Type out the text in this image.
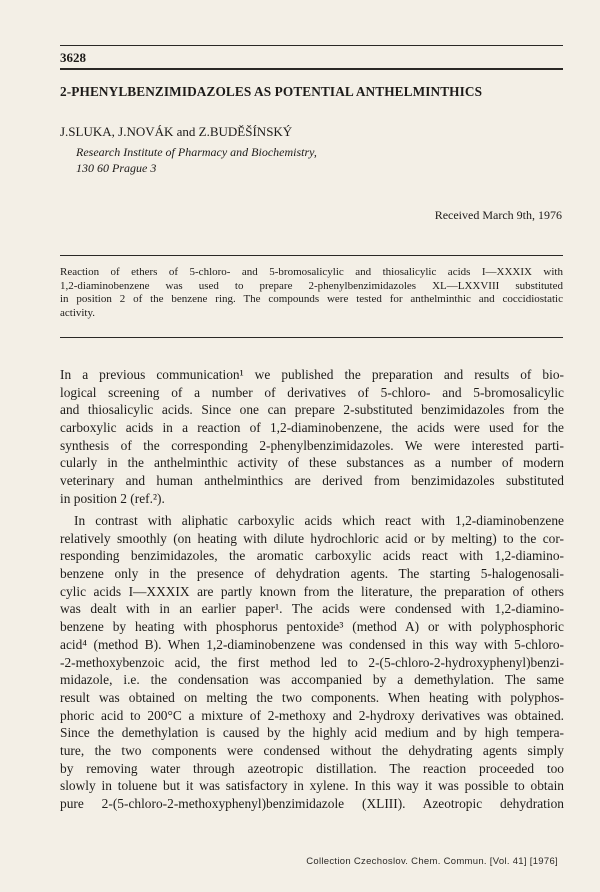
3628
2-PHENYLBENZIMIDAZOLES AS POTENTIAL ANTHELMINTHICS
J.SLUKA, J.NOVÁK and Z.BUDĚŠÍNSKÝ
Research Institute of Pharmacy and Biochemistry,
130 60 Prague 3
Received March 9th, 1976
Reaction of ethers of 5-chloro- and 5-bromosalicylic and thiosalicylic acids I—XXXIX with
1,2-diaminobenzene was used to prepare 2-phenylbenzimidazoles XL—LXXVIII substituted
in position 2 of the benzene ring. The compounds were tested for anthelminthic and coccidiostatic
activity.
In a previous communication¹ we published the preparation and results of bio-
logical screening of a number of derivatives of 5-chloro- and 5-bromosalicylic
and thiosalicylic acids. Since one can prepare 2-substituted benzimidazoles from the
carboxylic acids in a reaction of 1,2-diaminobenzene, the acids were used for the
synthesis of the corresponding 2-phenylbenzimidazoles. We were interested parti-
cularly in the anthelminthic activity of these substances as a number of modern
veterinary and human anthelminthics are derived from benzimidazoles substituted
in position 2 (ref.²).
In contrast with aliphatic carboxylic acids which react with 1,2-diaminobenzene
relatively smoothly (on heating with dilute hydrochloric acid or by melting) to the cor-
responding benzimidazoles, the aromatic carboxylic acids react with 1,2-diamino-
benzene only in the presence of dehydration agents. The starting 5-halogenosali-
cylic acids I—XXXIX are partly known from the literature, the preparation of others
was dealt with in an earlier paper¹. The acids were condensed with 1,2-diamino-
benzene by heating with phosphorus pentoxide³ (method A) or with polyphosphoric
acid⁴ (method B). When 1,2-diaminobenzene was condensed in this way with 5-chloro-
-2-methoxybenzoic acid, the first method led to 2-(5-chloro-2-hydroxyphenyl)benzi-
midazole, i.e. the condensation was accompanied by a demethylation. The same
result was obtained on melting the two components. When heating with polyphos-
phoric acid to 200°C a mixture of 2-methoxy and 2-hydroxy derivatives was obtained.
Since the demethylation is caused by the highly acid medium and by high tempera-
ture, the two components were condensed without the dehydrating agents simply
by removing water through azeotropic distillation. The reaction proceeded too
slowly in toluene but it was satisfactory in xylene. In this way it was possible to obtain
pure 2-(5-chloro-2-methoxyphenyl)benzimidazole (XLIII). Azeotropic dehydration
Collection Czechoslov. Chem. Commun. [Vol. 41] [1976]
